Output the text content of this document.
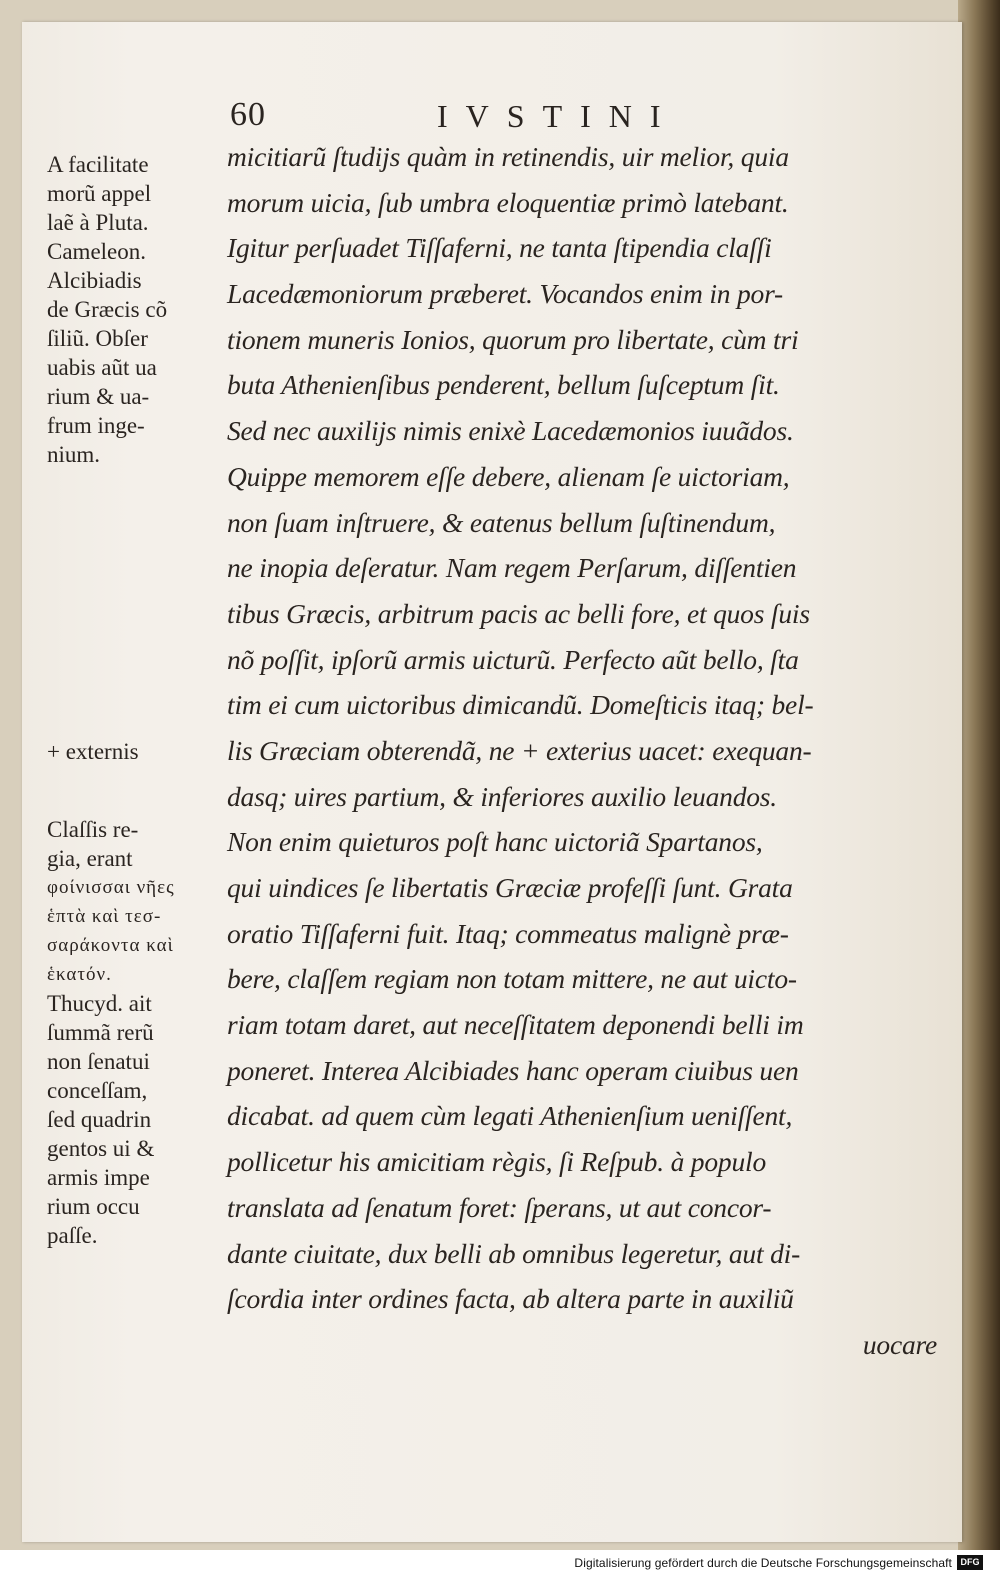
60	IVSTINI
A facilitate
morũ appel
laẽ à Pluta.
Cameleon.
Alcibiadis
de Græcis cõ
ſiliũ. Obſer
uabis aũt ua
rium & ua-
frum inge-
nium.
+ externis
Claſſis re-
gia, erant
φοίνισσαι νῆες
ἑπτὰ καὶ τεσ-
σαράκοντα καὶ
ἑκατόν.
Thucyd. ait
ſummã rerũ
non ſenatui
conceſſam,
ſed quadrin
gentos ui &
armis impe
rium occu
paſſe.
micitiarũ ſtudijs quàm in retinendis, uir melior, quia
morum uicia, ſub umbra eloquentiæ primò latebant.
Igitur perſuadet Tiſſaferni, ne tanta ſtipendia claſſi
Lacedæmoniorum præberet. Vocandos enim in por-
tionem muneris Ionios, quorum pro libertate, cùm tri
buta Athenienſibus penderent, bellum ſuſceptum ſit.
Sed nec auxilijs nimis enixè Lacedæmonios iuuãdos.
Quippe memorem eſſe debere, alienam ſe uictoriam,
non ſuam inſtruere, & eatenus bellum ſuſtinendum,
ne inopia deſeratur. Nam regem Perſarum, diſſentien
tibus Græcis, arbitrum pacis ac belli fore, et quos ſuis
nõ poſſit, ipſorũ armis uicturũ. Perfecto aũt bello, ſta
tim ei cum uictoribus dimicandũ. Domeſticis itaq; bel-
lis Græciam obterendã, ne + exterius uacet: exequan-
dasq; uires partium, & inferiores auxilio leuandos.
Non enim quieturos poſt hanc uictoriã Spartanos,
qui uindices ſe libertatis Græciæ profeſſi ſunt. Grata
oratio Tiſſaferni fuit. Itaq; commeatus malignè præ-
bere, claſſem regiam non totam mittere, ne aut uicto-
riam totam daret, aut neceſſitatem deponendi belli im
poneret. Interea Alcibiades hanc operam ciuibus uen
dicabat. ad quem cùm legati Athenienſium ueniſſent,
pollicetur his amicitiam règis, ſi Reſpub. à populo
translata ad ſenatum foret: ſperans, ut aut concor-
dante ciuitate, dux belli ab omnibus legeretur, aut di-
ſcordia inter ordines facta, ab altera parte in auxiliũ
uocare
Digitalisierung gefördert durch die Deutsche Forschungsgemeinschaft DFG
